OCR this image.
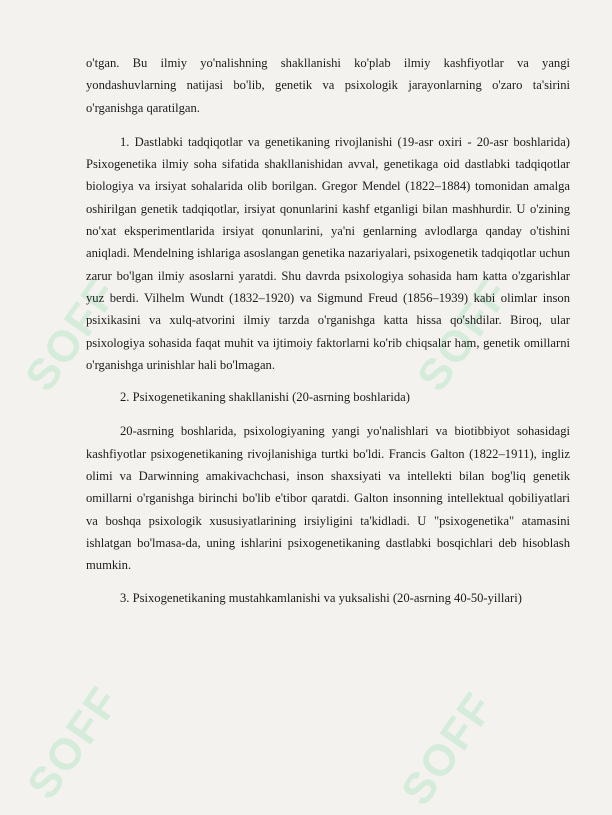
SOFF	SOFF
SOFF	SOFF

o'tgan. Bu ilmiy yo'nalishning shakllanishi ko'plab ilmiy kashfiyotlar va yangi yondashuvlarning natijasi bo'lib, genetik va psixologik jarayonlarning o'zaro ta'sirini o'rganishga qaratilgan.

1. Dastlabki tadqiqotlar va genetikaning rivojlanishi (19-asr oxiri - 20-asr boshlarida) Psixogenetika ilmiy soha sifatida shakllanishidan avval, genetikaga oid dastlabki tadqiqotlar biologiya va irsiyat sohalarida olib borilgan. Gregor Mendel (1822–1884) tomonidan amalga oshirilgan genetik tadqiqotlar, irsiyat qonunlarini kashf etganligi bilan mashhurdir. U o'zining no'xat eksperimentlarida irsiyat qonunlarini, ya'ni genlarning avlodlarga qanday o'tishini aniqladi. Mendelning ishlariga asoslangan genetika nazariyalari, psixogenetik tadqiqotlar uchun zarur bo'lgan ilmiy asoslarni yaratdi. Shu davrda psixologiya sohasida ham katta o'zgarishlar yuz berdi. Vilhelm Wundt (1832–1920) va Sigmund Freud (1856–1939) kabi olimlar inson psixikasini va xulq-atvorini ilmiy tarzda o'rganishga katta hissa qo'shdilar. Biroq, ular psixologiya sohasida faqat muhit va ijtimoiy faktorlarni ko'rib chiqsalar ham, genetik omillarni o'rganishga urinishlar hali bo'lmagan.

2. Psixogenetikaning shakllanishi (20-asrning boshlarida)

20-asrning boshlarida, psixologiyaning yangi yo'nalishlari va biotibbiyot sohasidagi kashfiyotlar psixogenetikaning rivojlanishiga turtki bo'ldi. Francis Galton (1822–1911), ingliz olimi va Darwinning amakivachchasi, inson shaxsiyati va intellekti bilan bog'liq genetik omillarni o'rganishga birinchi bo'lib e'tibor qaratdi. Galton insonning intellektual qobiliyatlari va boshqa psixologik xususiyatlarining irsiyligini ta'kidladi. U "psixogenetika" atamasini ishlatgan bo'lmasa-da, uning ishlarini psixogenetikaning dastlabki bosqichlari deb hisoblash mumkin.

3. Psixogenetikaning mustahkamlanishi va yuksalishi (20-asrning 40-50-yillari)
